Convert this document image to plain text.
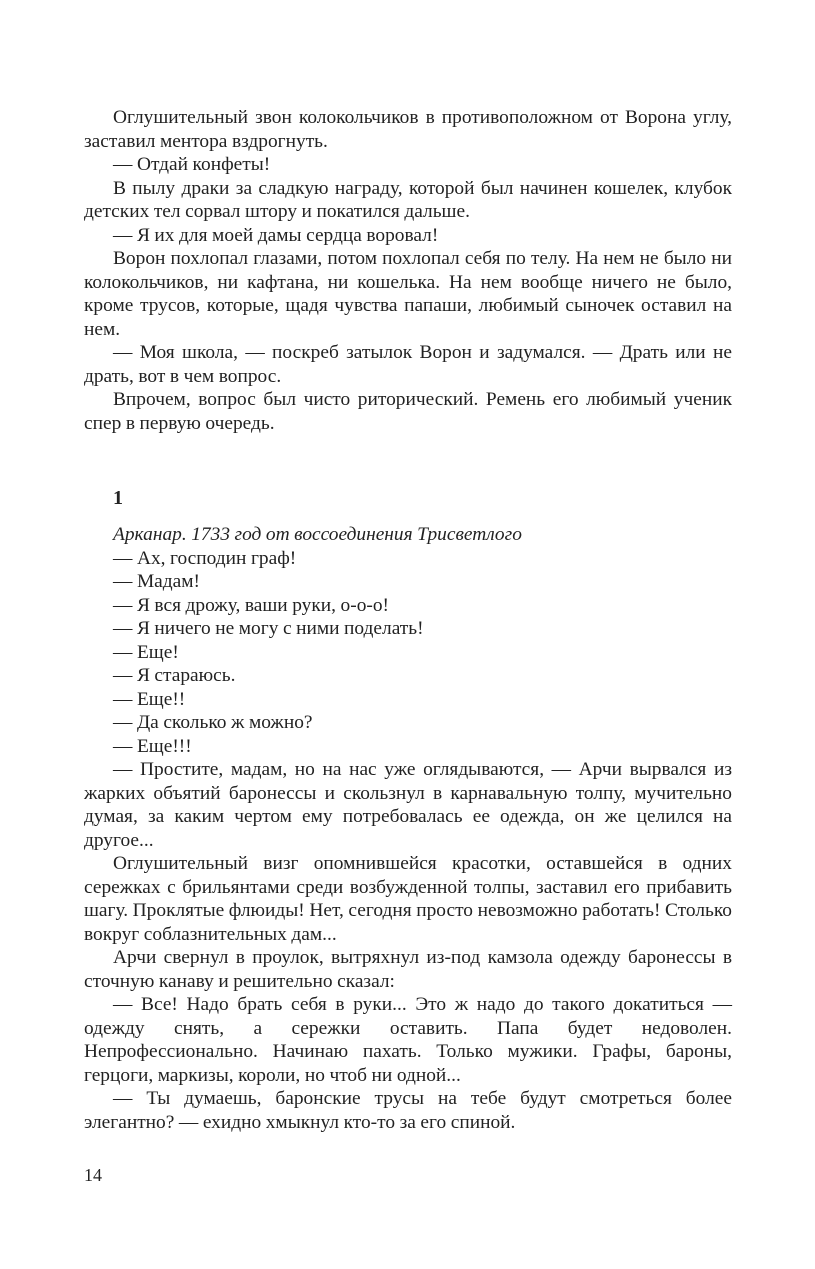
Оглушительный звон колокольчиков в противоположном от Ворона углу, заставил ментора вздрогнуть.

— Отдай конфеты!

В пылу драки за сладкую награду, которой был начинен кошелек, клубок детских тел сорвал штору и покатился дальше.

— Я их для моей дамы сердца воровал!

Ворон похлопал глазами, потом похлопал себя по телу. На нем не было ни колокольчиков, ни кафтана, ни кошелька. На нем вообще ничего не было, кроме трусов, которые, щадя чувства папаши, любимый сыночек оставил на нем.

— Моя школа, — поскреб затылок Ворон и задумался. — Драть или не драть, вот в чем вопрос.

Впрочем, вопрос был чисто риторический. Ремень его любимый ученик спер в первую очередь.

1

Арканар. 1733 год от воссоединения Трисветлого

— Ах, господин граф!

— Мадам!

— Я вся дрожу, ваши руки, о-о-о!

— Я ничего не могу с ними поделать!

— Еще!

— Я стараюсь.

— Еще!!

— Да сколько ж можно?

— Еще!!!

— Простите, мадам, но на нас уже оглядываются, — Арчи вырвался из жарких объятий баронессы и скользнул в карнавальную толпу, мучительно думая, за каким чертом ему потребовалась ее одежда, он же целился на другое...

Оглушительный визг опомнившейся красотки, оставшейся в одних сережках с брильянтами среди возбужденной толпы, заставил его прибавить шагу. Проклятые флюиды! Нет, сегодня просто невозможно работать! Столько вокруг соблазнительных дам...

Арчи свернул в проулок, вытряхнул из-под камзола одежду баронессы в сточную канаву и решительно сказал:

— Все! Надо брать себя в руки... Это ж надо до такого докатиться — одежду снять, а сережки оставить. Папа будет недоволен. Непрофессионально. Начинаю пахать. Только мужики. Графы, бароны, герцоги, маркизы, короли, но чтоб ни одной...

— Ты думаешь, баронские трусы на тебе будут смотреться более элегантно? — ехидно хмыкнул кто-то за его спиной.

14
